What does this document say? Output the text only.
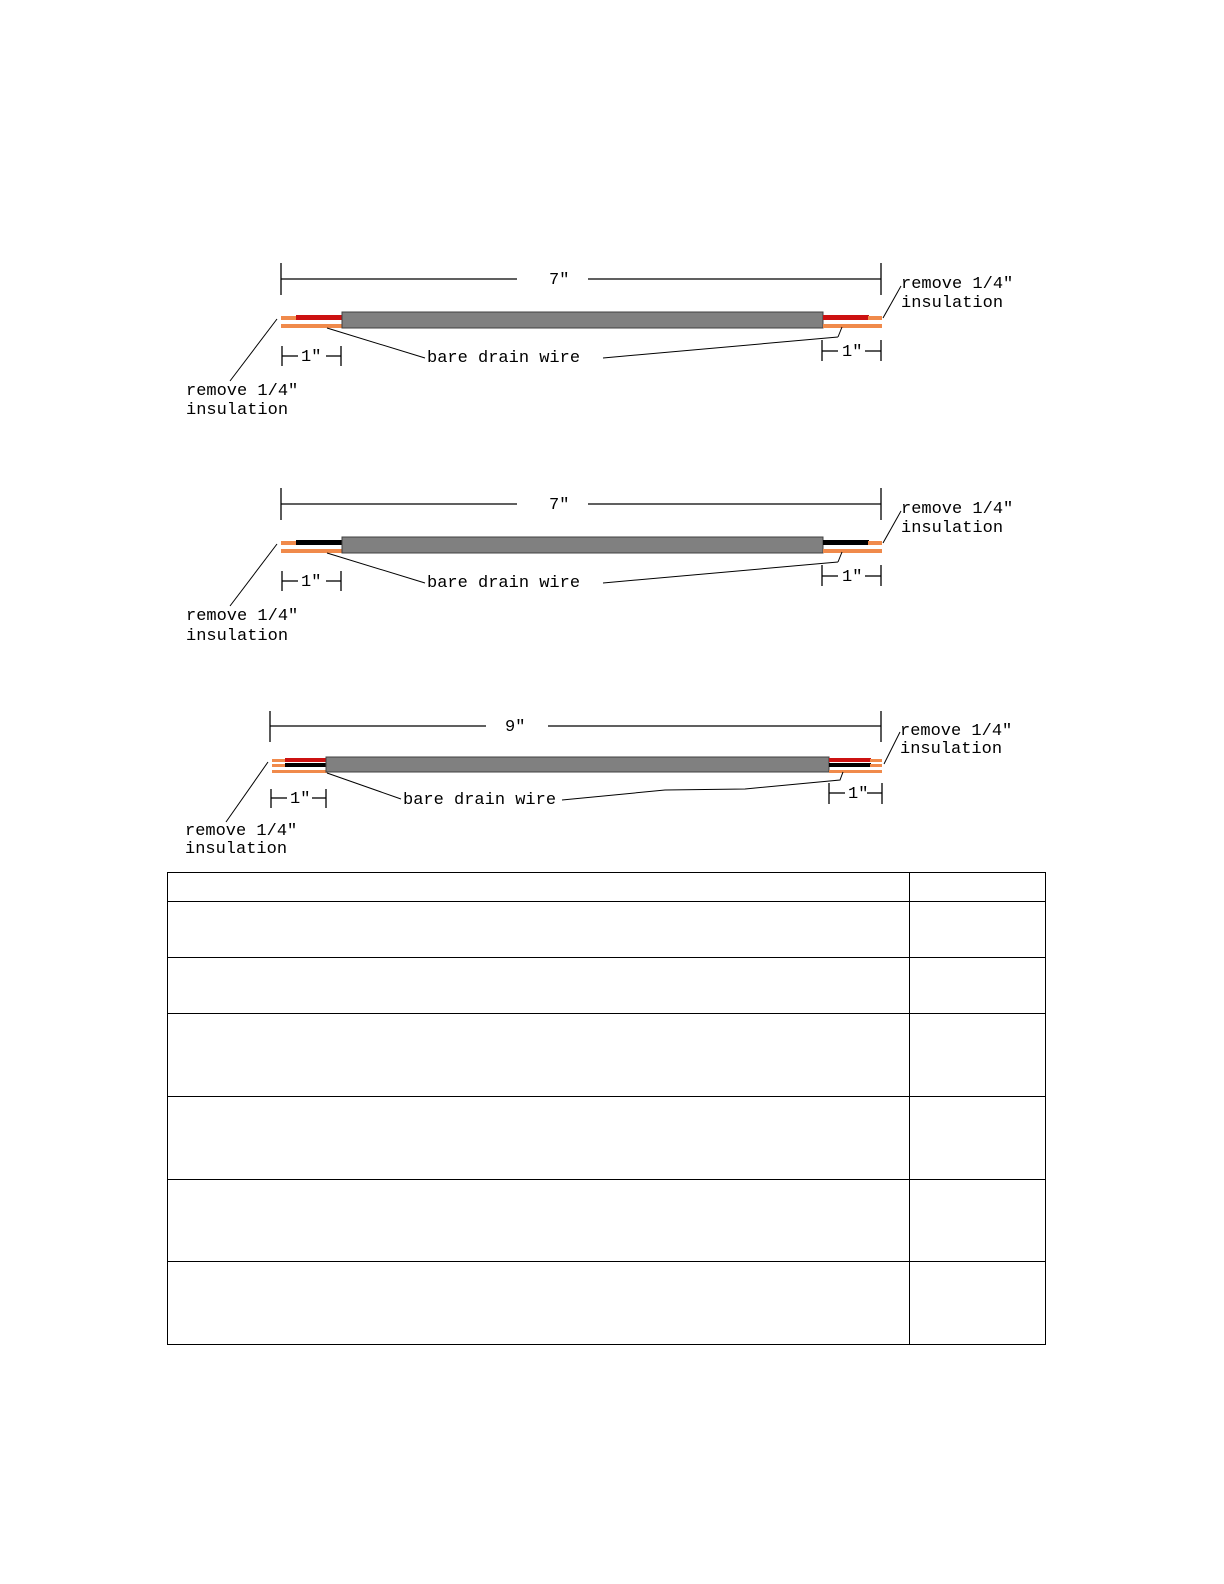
7"
1"	1"
bare drain wire
remove 1/4"
insulation
remove 1/4"
insulation
7"
1"	1"
bare drain wire
remove 1/4"
insulation
remove 1/4"
insulation
9"
1"	1"
bare drain wire
remove 1/4"
insulation
remove 1/4"
insulation
